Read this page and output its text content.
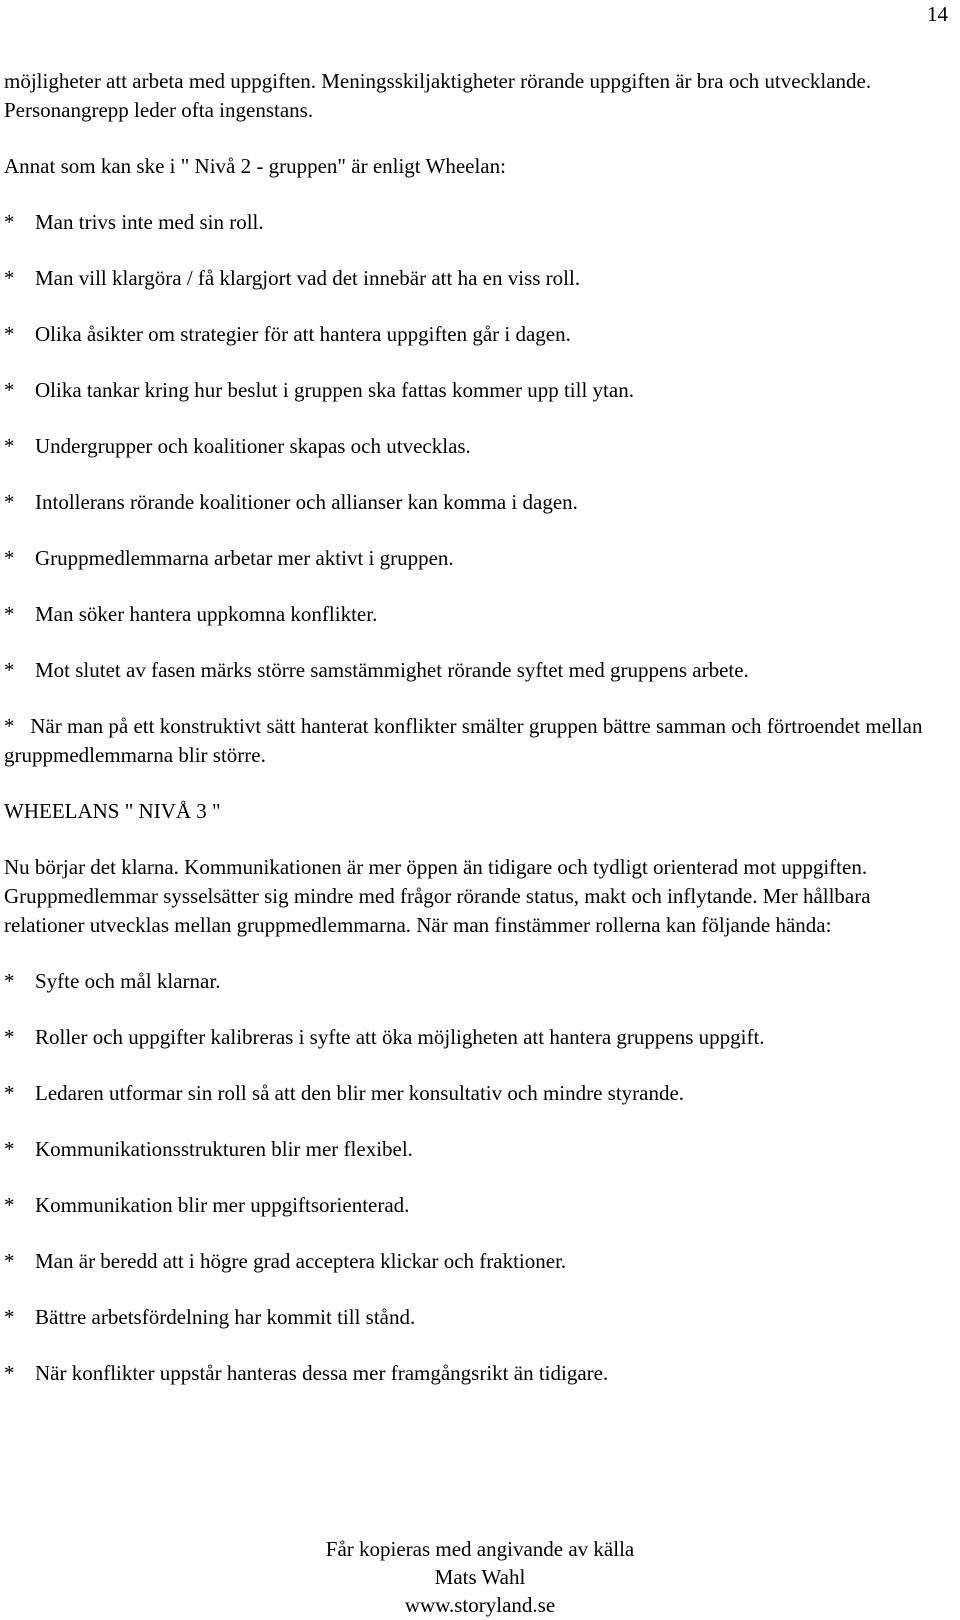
14

möjligheter att arbeta med uppgiften. Meningsskiljaktigheter rörande uppgiften är bra och utvecklande. Personangrepp leder ofta ingenstans.

Annat som kan ske i " Nivå 2 - gruppen" är enligt Wheelan:

* Man trivs inte med sin roll.
* Man vill klargöra / få klargjort vad det innebär att ha en viss roll.
* Olika åsikter om strategier för att hantera uppgiften går i dagen.
* Olika tankar kring hur beslut i gruppen ska fattas kommer upp till ytan.
* Undergrupper och koalitioner skapas och utvecklas.
* Intollerans rörande koalitioner och allianser kan komma i dagen.
* Gruppmedlemmarna arbetar mer aktivt i gruppen.
* Man söker hantera uppkomna konflikter.
* Mot slutet av fasen märks större samstämmighet rörande syftet med gruppens arbete.
* När man på ett konstruktivt sätt hanterat konflikter smälter gruppen bättre samman och förtroendet mellan gruppmedlemmarna blir större.

WHEELANS " NIVÅ 3 "

Nu börjar det klarna. Kommunikationen är mer öppen än tidigare och tydligt orienterad mot uppgiften. Gruppmedlemmar sysselsätter sig mindre med frågor rörande status, makt och inflytande. Mer hållbara relationer utvecklas mellan gruppmedlemmarna. När man finstämmer rollerna kan följande hända:

* Syfte och mål klarnar.
* Roller och uppgifter kalibreras i syfte att öka möjligheten att hantera gruppens uppgift.
* Ledaren utformar sin roll så att den blir mer konsultativ och mindre styrande.
* Kommunikationsstrukturen blir mer flexibel.
* Kommunikation blir mer uppgiftsorienterad.
* Man är beredd att i högre grad acceptera klickar och fraktioner.
* Bättre arbetsfördelning har kommit till stånd.
* När konflikter uppstår hanteras dessa mer framgångsrikt än tidigare.
Får kopieras med angivande av källa
Mats Wahl
www.storyland.se
